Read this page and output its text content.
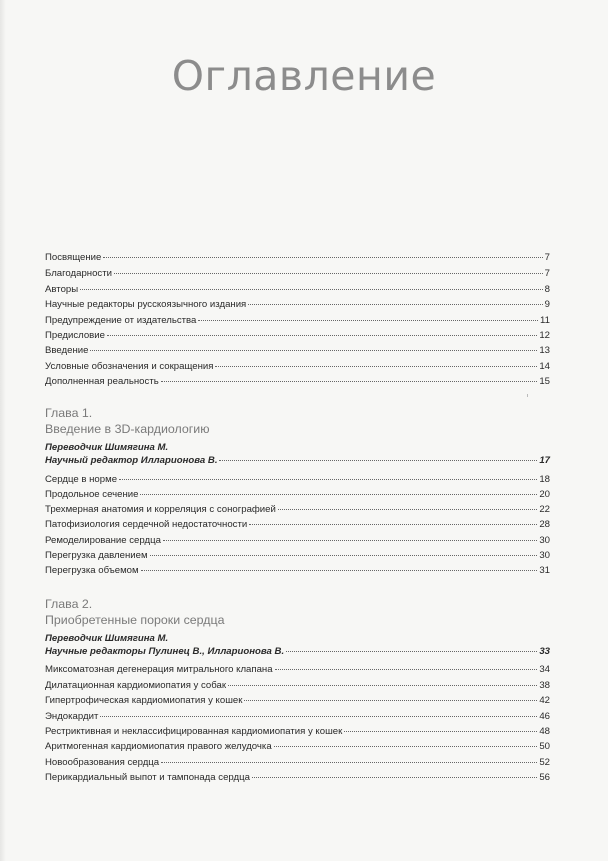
Оглавление
Посвящение	7
Благодарности	7
Авторы	8
Научные редакторы русскоязычного издания	9
Предупреждение от издательства	11
Предисловие	12
Введение	13
Условные обозначения и сокращения	14
Дополненная реальность	15
Глава 1.
Введение в 3D-кардиологию
Переводчик Шимягина М.
Научный редактор Илларионова В.	17
Сердце в норме	18
Продольное сечение	20
Трехмерная анатомия и корреляция с сонографией	22
Патофизиология сердечной недостаточности	28
Ремоделирование сердца	30
Перегрузка давлением	30
Перегрузка объемом	31
Глава 2.
Приобретенные пороки сердца
Переводчик Шимягина М.
Научные редакторы Пулинец В., Илларионова В.	33
Миксоматозная дегенерация митрального клапана	34
Дилатационная кардиомиопатия у собак	38
Гипертрофическая кардиомиопатия у кошек	42
Эндокардит	46
Рестриктивная и неклассифицированная кардиомиопатия у кошек	48
Аритмогенная кардиомиопатия правого желудочка	50
Новообразования сердца	52
Перикардиальный выпот и тампонада сердца	56
